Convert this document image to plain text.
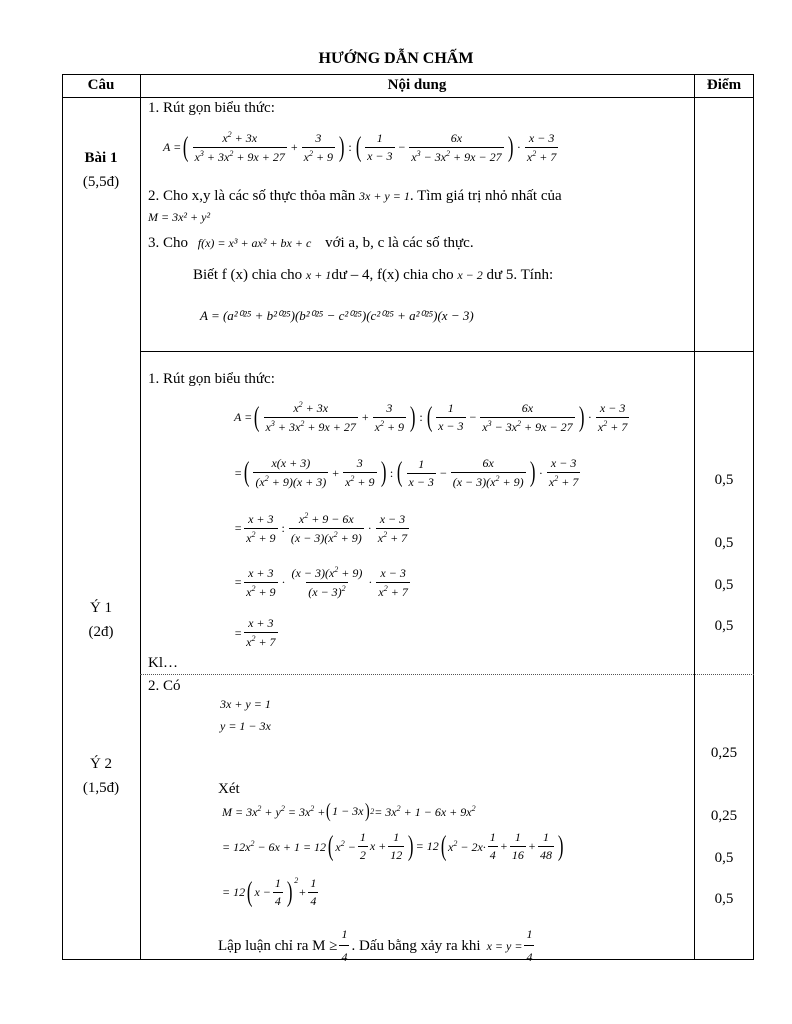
HƯỚNG DẪN CHẤM
Câu	Nội dung	Điểm
Bài 1
(5,5đ)
1. Rút gọn biểu thức:
A = ( $\frac{x^2 + 3x}{x^3 + 3x^2 + 9x + 27} + \frac{3}{x^2 + 9}$ ) : ( $\frac{1}{x - 3} - \frac{6x}{x^3 - 3x^2 + 9x - 27}$ ) · $\frac{x - 3}{x^2 + 7}$
2. Cho x,y là các số thực thỏa mãn 3x + y = 1. Tìm giá trị nhỏ nhất của
M = 3x² + y²
3. Cho f(x) = x³ + ax² + bx + c với a, b, c là các số thực.
Biết f (x) chia cho x + 1dư – 4, f(x) chia cho x − 2 dư 5. Tính:
A = (a²⁰²⁵ + b²⁰²⁵)(b²⁰²⁵ − c²⁰²⁵)(c²⁰²⁵ + a²⁰²⁵)(x − 3)
Ý 1
(2đ)
1. Rút gọn biểu thức:
A = ( $\frac{x^2 + 3x}{x^3 + 3x^2 + 9x + 27} + \frac{3}{x^2 + 9}$ ) : ( $\frac{1}{x - 3} - \frac{6x}{x^3 - 3x^2 + 9x - 27}$ ) · $\frac{x - 3}{x^2 + 7}$
= ( $\frac{x(x + 3)}{(x^2 + 9)(x + 3)} + \frac{3}{x^2 + 9}$ ) : ( $\frac{1}{x - 3} - \frac{6x}{(x - 3)(x^2 + 9)}$ ) · $\frac{x - 3}{x^2 + 7}$
= $\frac{x + 3}{x^2 + 9}$ : $\frac{x^2 + 9 - 6x}{(x - 3)(x^2 + 9)} \cdot \frac{x - 3}{x^2 + 7}$
= $\frac{x + 3}{x^2 + 9} \cdot \frac{(x - 3)(x^2 + 9)}{(x - 3)^2} \cdot \frac{x - 3}{x^2 + 7}$
= $\frac{x + 3}{x^2 + 7}$
Kl…
0,5
0,5
0,5
0,5
Ý 2
(1,5đ)
2. Có
3x + y = 1
y = 1 − 3x
Xét
$M = 3x^2 + y^2 = 3x^2$ + ( 1 − 3x ) $2 = 3x^2 + 1 - 6x + 9x^2$
= $12x^2 - 6x + 1 = 12$ ( $x^2 - \frac{1}{2}$ $x + \frac{1}{12}$ ) = 12 ( $x^2 - 2x\cdot \frac{1}{4} + \frac{1}{16} + \frac{1}{48}$ )
= 12 ( $x - \frac{1}{4} )^2$
+ $\frac{1}{4}$
Lập luận chỉ ra $M \ge \frac{1}{4}$ . Dấu bằng xảy ra khi $x = y = \frac{1}{4}$
0,25
0,25
0,5
0,5
